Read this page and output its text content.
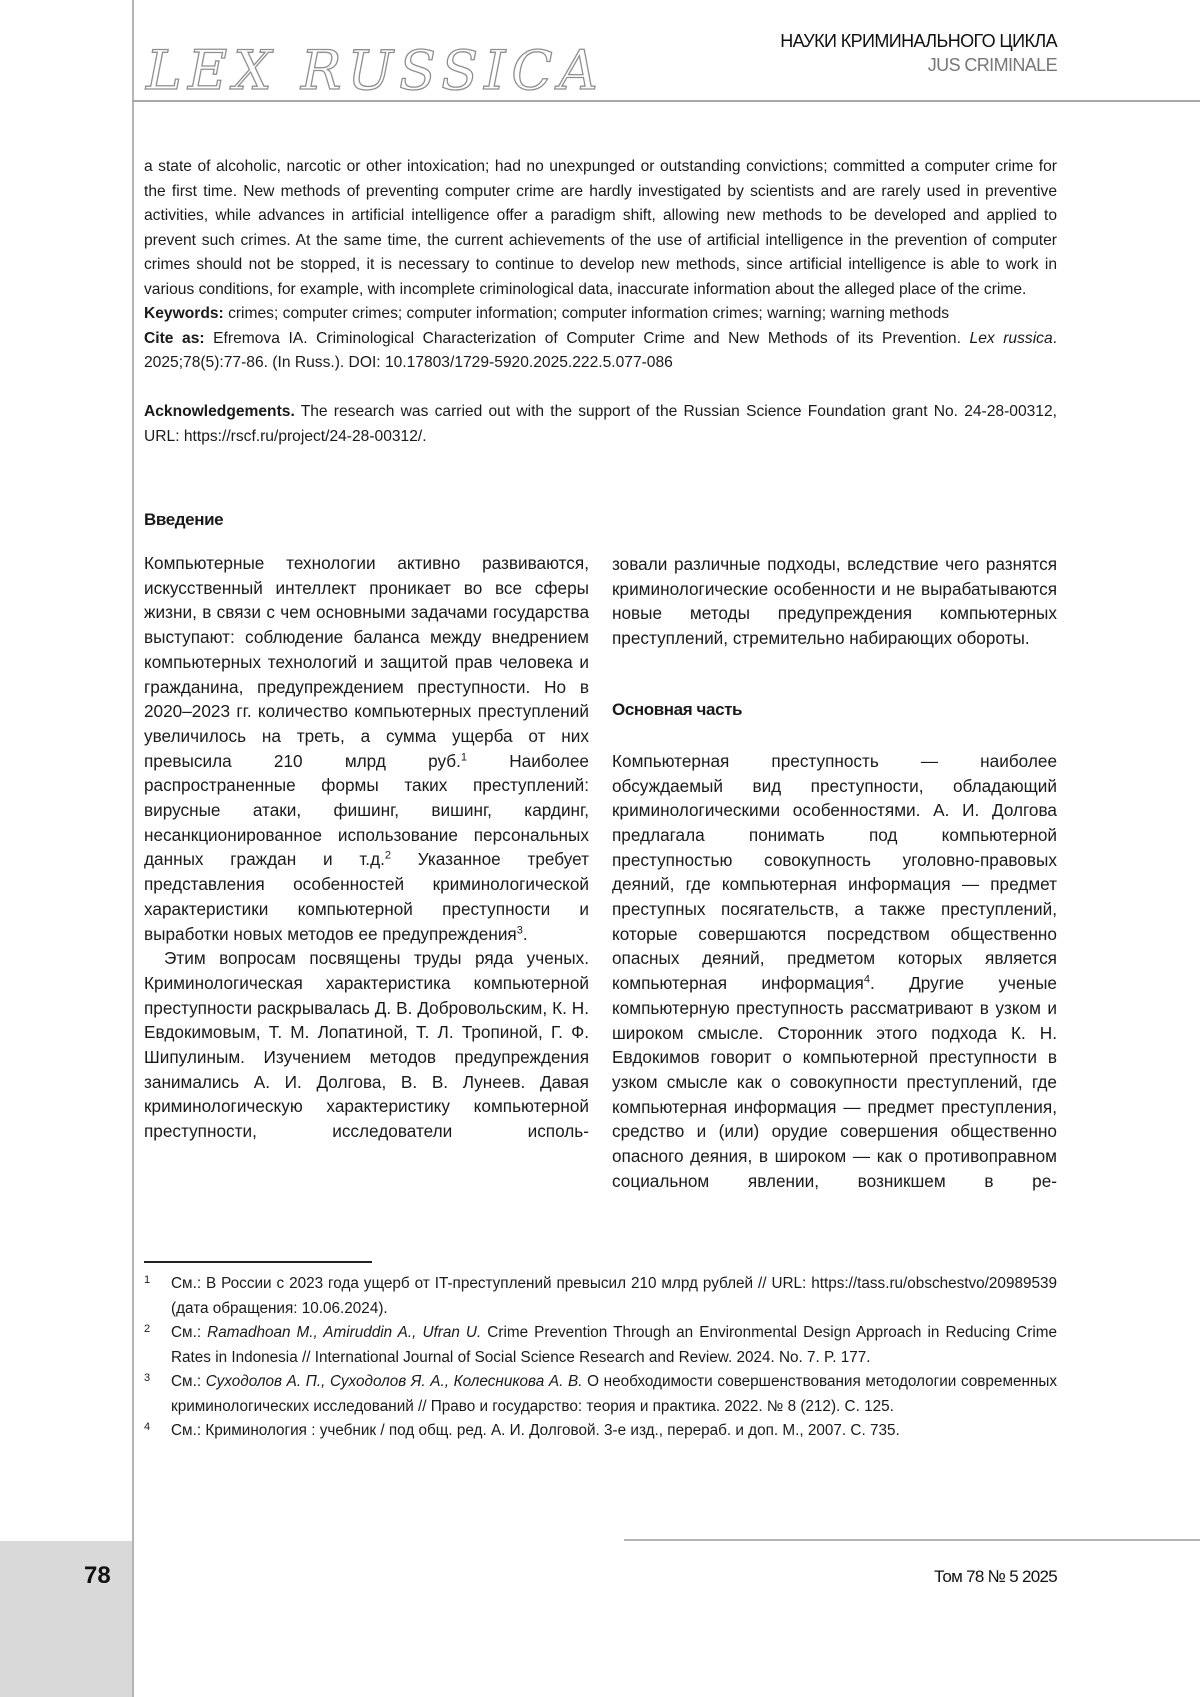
LEX RUSSICA	НАУКИ КРИМИНАЛЬНОГО ЦИКЛА
JUS CRIMINALE

a state of alcoholic, narcotic or other intoxication; had no unexpunged or outstanding convictions; committed a computer crime for the first time. New methods of preventing computer crime are hardly investigated by scientists and are rarely used in preventive activities, while advances in artificial intelligence offer a paradigm shift, allowing new methods to be developed and applied to prevent such crimes. At the same time, the current achievements of the use of artificial intelligence in the prevention of computer crimes should not be stopped, it is necessary to continue to develop new methods, since artificial intelligence is able to work in various conditions, for example, with incomplete criminological data, inaccurate information about the alleged place of the crime.

Keywords: crimes; computer crimes; computer information; computer information crimes; warning; warning methods

Cite as: Efremova IA. Criminological Characterization of Computer Crime and New Methods of its Prevention. Lex russica. 2025;78(5):77-86. (In Russ.). DOI: 10.17803/1729-5920.2025.222.5.077-086

Acknowledgements. The research was carried out with the support of the Russian Science Foundation grant No. 24-28-00312, URL: https://rscf.ru/project/24-28-00312/.

Введение

Компьютерные технологии активно развиваются, искусственный интеллект проникает во все сферы жизни, в связи с чем основными задачами государства выступают: соблюдение баланса между внедрением компьютерных технологий и защитой прав человека и гражданина, предупреждением преступности. Но в 2020–2023 гг. количество компьютерных преступлений увеличилось на треть, а сумма ущерба от них превысила 210 млрд руб.1 Наиболее распространенные формы таких преступлений: вирусные атаки, фишинг, вишинг, кардинг, несанкционированное использование персональных данных граждан и т.д.2 Указанное требует представления особенностей криминологической характеристики компьютерной преступности и выработки новых методов ее предупреждения3.

Этим вопросам посвящены труды ряда ученых. Криминологическая характеристика компьютерной преступности раскрывалась Д. В. Добровольским, К. Н. Евдокимовым, Т. М. Лопатиной, Т. Л. Тропиной, Г. Ф. Шипулиным. Изучением методов предупреждения занимались А. И. Долгова, В. В. Лунеев. Давая криминологическую характеристику компьютерной преступности, исследователи исполь-

зовали различные подходы, вследствие чего разнятся криминологические особенности и не вырабатываются новые методы предупреждения компьютерных преступлений, стремительно набирающих обороты.

Основная часть

Компьютерная преступность — наиболее обсуждаемый вид преступности, обладающий криминологическими особенностями. А. И. Долгова предлагала понимать под компьютерной преступностью совокупность уголовно-правовых деяний, где компьютерная информация — предмет преступных посягательств, а также преступлений, которые совершаются посредством общественно опасных деяний, предметом которых является компьютерная информация4. Другие ученые компьютерную преступность рассматривают в узком и широком смысле. Сторонник этого подхода К. Н. Евдокимов говорит о компьютерной преступности в узком смысле как о совокупности преступлений, где компьютерная информация — предмет преступления, средство и (или) орудие совершения общественно опасного деяния, в широком — как о противоправном социальном явлении, возникшем в ре-

1 См.: В России с 2023 года ущерб от IT-преступлений превысил 210 млрд рублей // URL: https://tass.ru/obschestvo/20989539 (дата обращения: 10.06.2024).

2 См.: Ramadhoan M., Amiruddin A., Ufran U. Crime Prevention Through an Environmental Design Approach in Reducing Crime Rates in Indonesia // International Journal of Social Science Research and Review. 2024. No. 7. P. 177.

3 См.: Суходолов А. П., Суходолов Я. А., Колесникова А. В. О необходимости совершенствования методологии современных криминологических исследований // Право и государство: теория и практика. 2022. № 8 (212). С. 125.

4 См.: Криминология : учебник / под общ. ред. А. И. Долговой. 3-е изд., перераб. и доп. М., 2007. С. 735.

78	Том 78 № 5 2025
